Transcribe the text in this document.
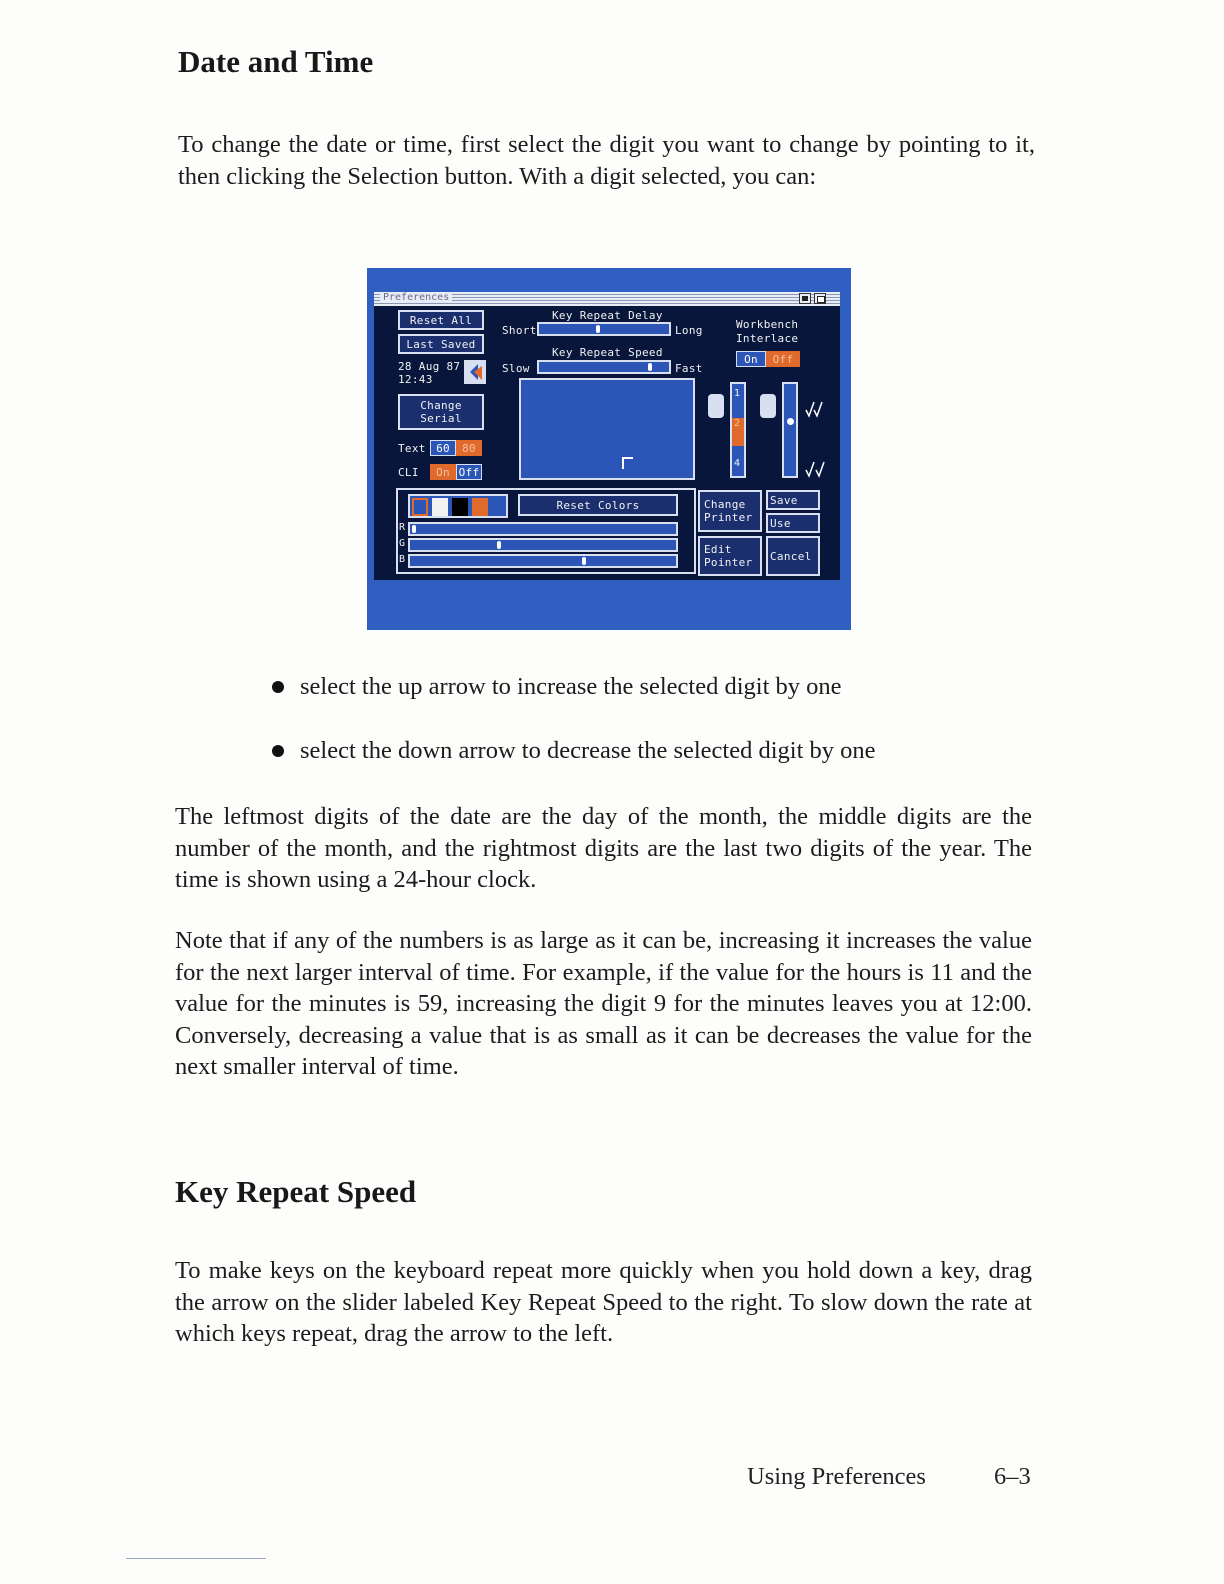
Date and Time

To change the date or time, first select the digit you want to change by pointing to it, then clicking the Selection button. With a digit selected, you can:

Preferences
Reset All
Last Saved
28 Aug 87
12:43
Change Serial
Text 60	80
CLI	On Off
Key Repeat Delay
Short	Long
Key Repeat Speed
Slow	Fast
Workbench Interlace
On	Off
1
2
4
Reset Colors
R
G
B
Change Printer
Edit Pointer
Save
Use
Cancel
select the up arrow to increase the selected digit by one
select the down arrow to decrease the selected digit by one

The leftmost digits of the date are the day of the month, the middle digits are the number of the month, and the rightmost digits are the last two digits of the year. The time is shown using a 24-hour clock.

Note that if any of the numbers is as large as it can be, increasing it increases the value for the next larger interval of time. For example, if the value for the hours is 11 and the value for the minutes is 59, increasing the digit 9 for the minutes leaves you at 12:00. Conversely, decreasing a value that is as small as it can be decreases the value for the next smaller interval of time.

Key Repeat Speed

To make keys on the keyboard repeat more quickly when you hold down a key, drag the arrow on the slider labeled Key Repeat Speed to the right. To slow down the rate at which keys repeat, drag the arrow to the left.

Using Preferences	6–3
